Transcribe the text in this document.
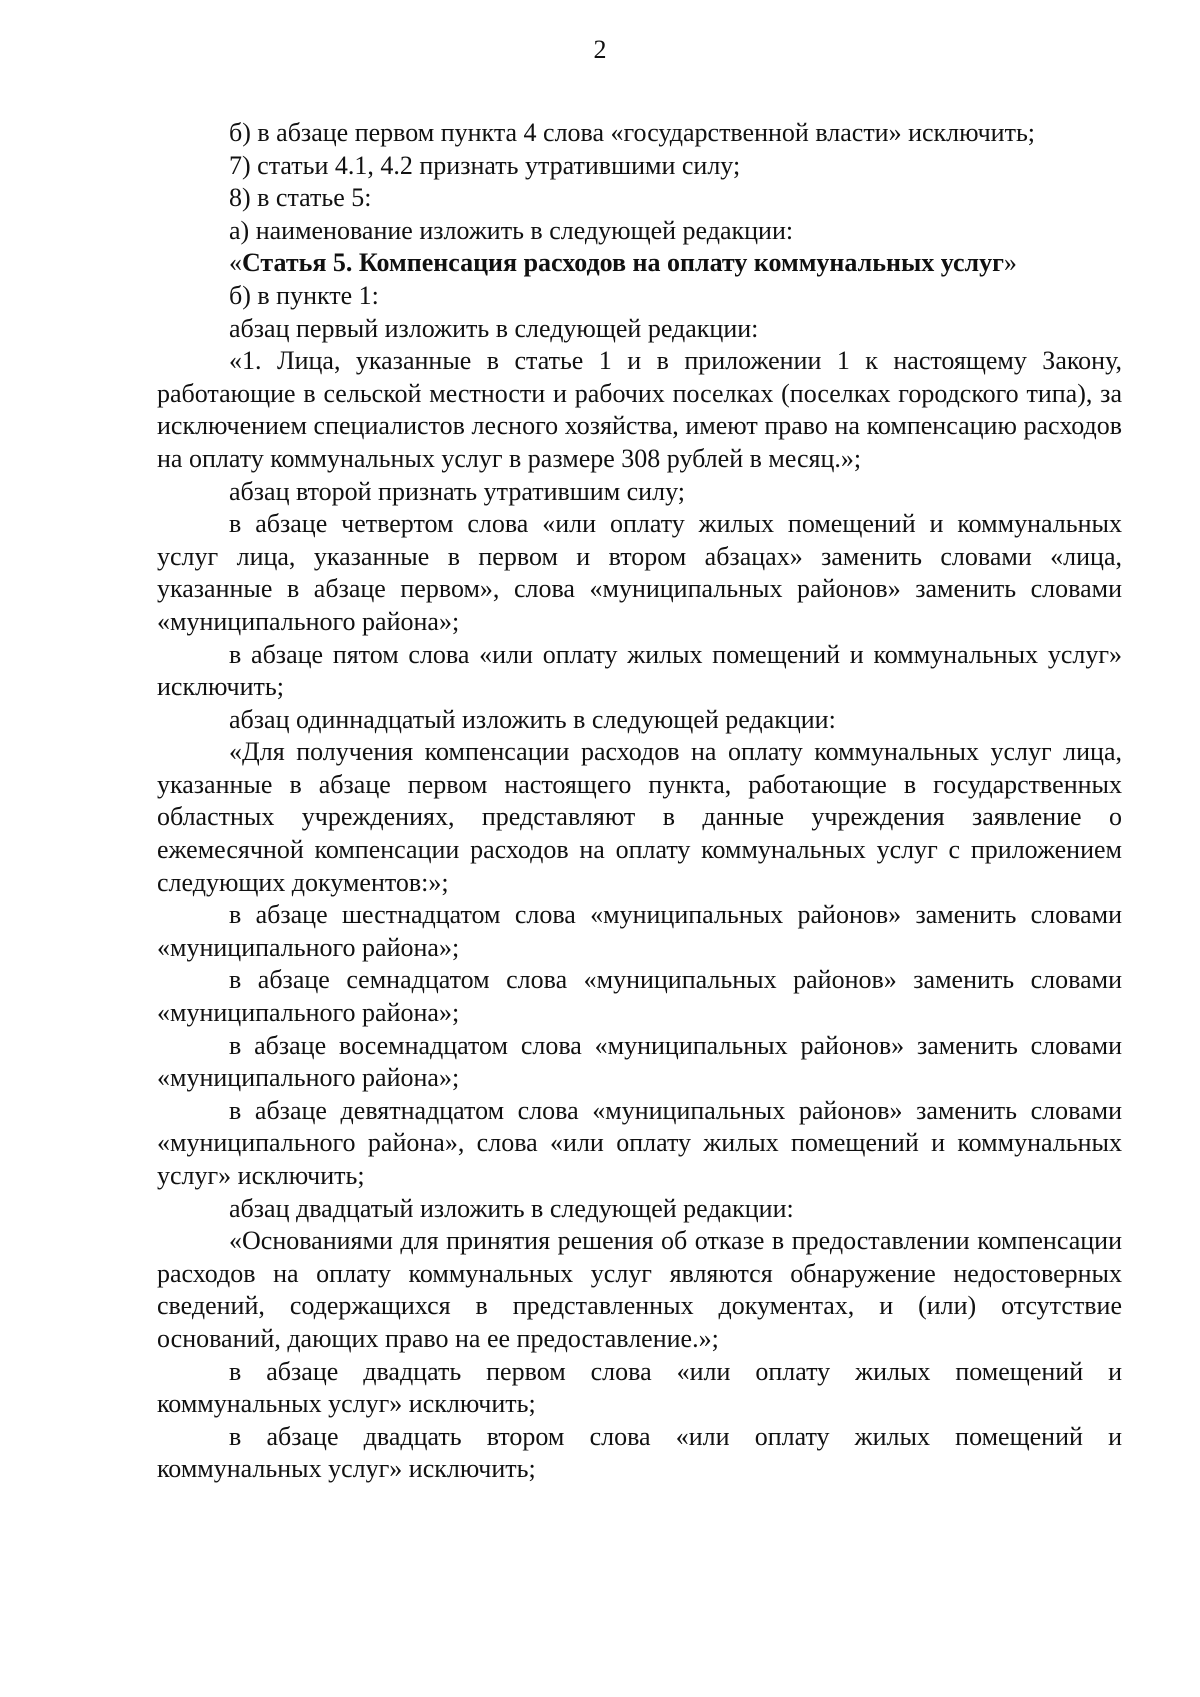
2

б) в абзаце первом пункта 4 слова «государственной власти» исключить;

7) статьи 4.1, 4.2 признать утратившими силу;

8) в статье 5:

а) наименование изложить в следующей редакции:

«Статья 5. Компенсация расходов на оплату коммунальных услуг»

б) в пункте 1:

абзац первый изложить в следующей редакции:

«1. Лица, указанные в статье 1 и в приложении 1 к настоящему Закону, работающие в сельской местности и рабочих поселках (поселках городского типа), за исключением специалистов лесного хозяйства, имеют право на компенсацию расходов на оплату коммунальных услуг в размере 308 рублей в месяц.»;

абзац второй признать утратившим силу;

в абзаце четвертом слова «или оплату жилых помещений и коммунальных услуг лица, указанные в первом и втором абзацах» заменить словами «лица, указанные в абзаце первом», слова «муниципальных районов» заменить словами «муниципального района»;

в абзаце пятом слова «или оплату жилых помещений и коммунальных услуг» исключить;

абзац одиннадцатый изложить в следующей редакции:

«Для получения компенсации расходов на оплату коммунальных услуг лица, указанные в абзаце первом настоящего пункта, работающие в государственных областных учреждениях, представляют в данные учреждения заявление о ежемесячной компенсации расходов на оплату коммунальных услуг с приложением следующих документов:»;

в абзаце шестнадцатом слова «муниципальных районов» заменить словами «муниципального района»;

в абзаце семнадцатом слова «муниципальных районов» заменить словами «муниципального района»;

в абзаце восемнадцатом слова «муниципальных районов» заменить словами «муниципального района»;

в абзаце девятнадцатом слова «муниципальных районов» заменить словами «муниципального района», слова «или оплату жилых помещений и коммунальных услуг» исключить;

абзац двадцатый изложить в следующей редакции:

«Основаниями для принятия решения об отказе в предоставлении компенсации расходов на оплату коммунальных услуг являются обнаружение недостоверных сведений, содержащихся в представленных документах, и (или) отсутствие оснований, дающих право на ее предоставление.»;

в абзаце двадцать первом слова «или оплату жилых помещений и коммунальных услуг» исключить;

в абзаце двадцать втором слова «или оплату жилых помещений и коммунальных услуг» исключить;
